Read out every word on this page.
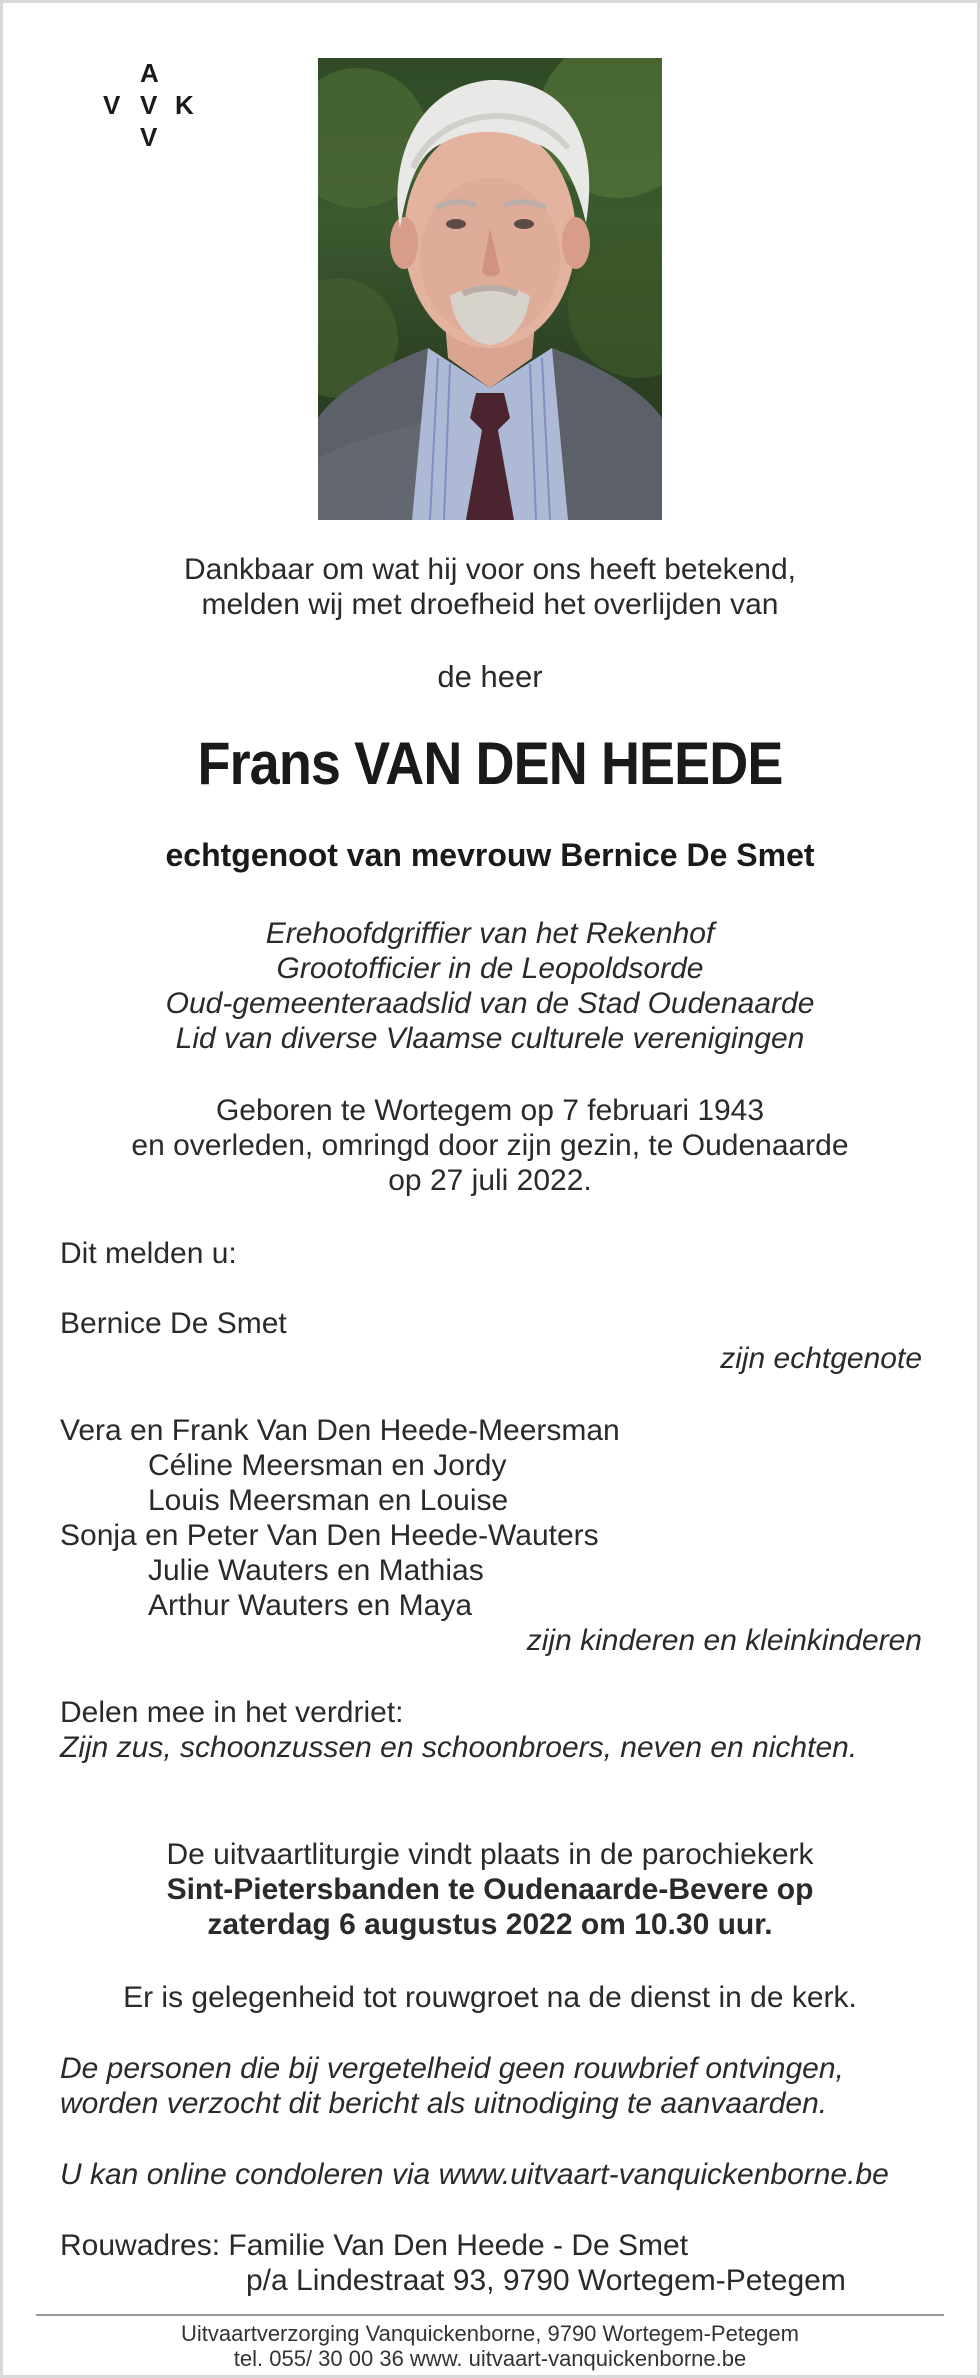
A
V V K
V
Dankbaar om wat hij voor ons heeft betekend,
melden wij met droefheid het overlijden van
de heer
Frans VAN DEN HEEDE
echtgenoot van mevrouw Bernice De Smet
Erehoofdgriffier van het Rekenhof
Grootofficier in de Leopoldsorde
Oud-gemeenteraadslid van de Stad Oudenaarde
Lid van diverse Vlaamse culturele verenigingen
Geboren te Wortegem op 7 februari 1943
en overleden, omringd door zijn gezin, te Oudenaarde
op 27 juli 2022.
Dit melden u:
Bernice De Smet
zijn echtgenote
Vera en Frank Van Den Heede-Meersman
Céline Meersman en Jordy
Louis Meersman en Louise
Sonja en Peter Van Den Heede-Wauters
Julie Wauters en Mathias
Arthur Wauters en Maya
zijn kinderen en kleinkinderen
Delen mee in het verdriet:
Zijn zus, schoonzussen en schoonbroers, neven en nichten.
De uitvaartliturgie vindt plaats in de parochiekerk
Sint-Pietersbanden te Oudenaarde-Bevere op
zaterdag 6 augustus 2022 om 10.30 uur.
Er is gelegenheid tot rouwgroet na de dienst in de kerk.
De personen die bij vergetelheid geen rouwbrief ontvingen,
worden verzocht dit bericht als uitnodiging te aanvaarden.
U kan online condoleren via www.uitvaart-vanquickenborne.be
Rouwadres: Familie Van Den Heede - De Smet
p/a Lindestraat 93, 9790 Wortegem-Petegem
Uitvaartverzorging Vanquickenborne, 9790 Wortegem-Petegem
tel. 055/ 30 00 36 www. uitvaart-vanquickenborne.be
